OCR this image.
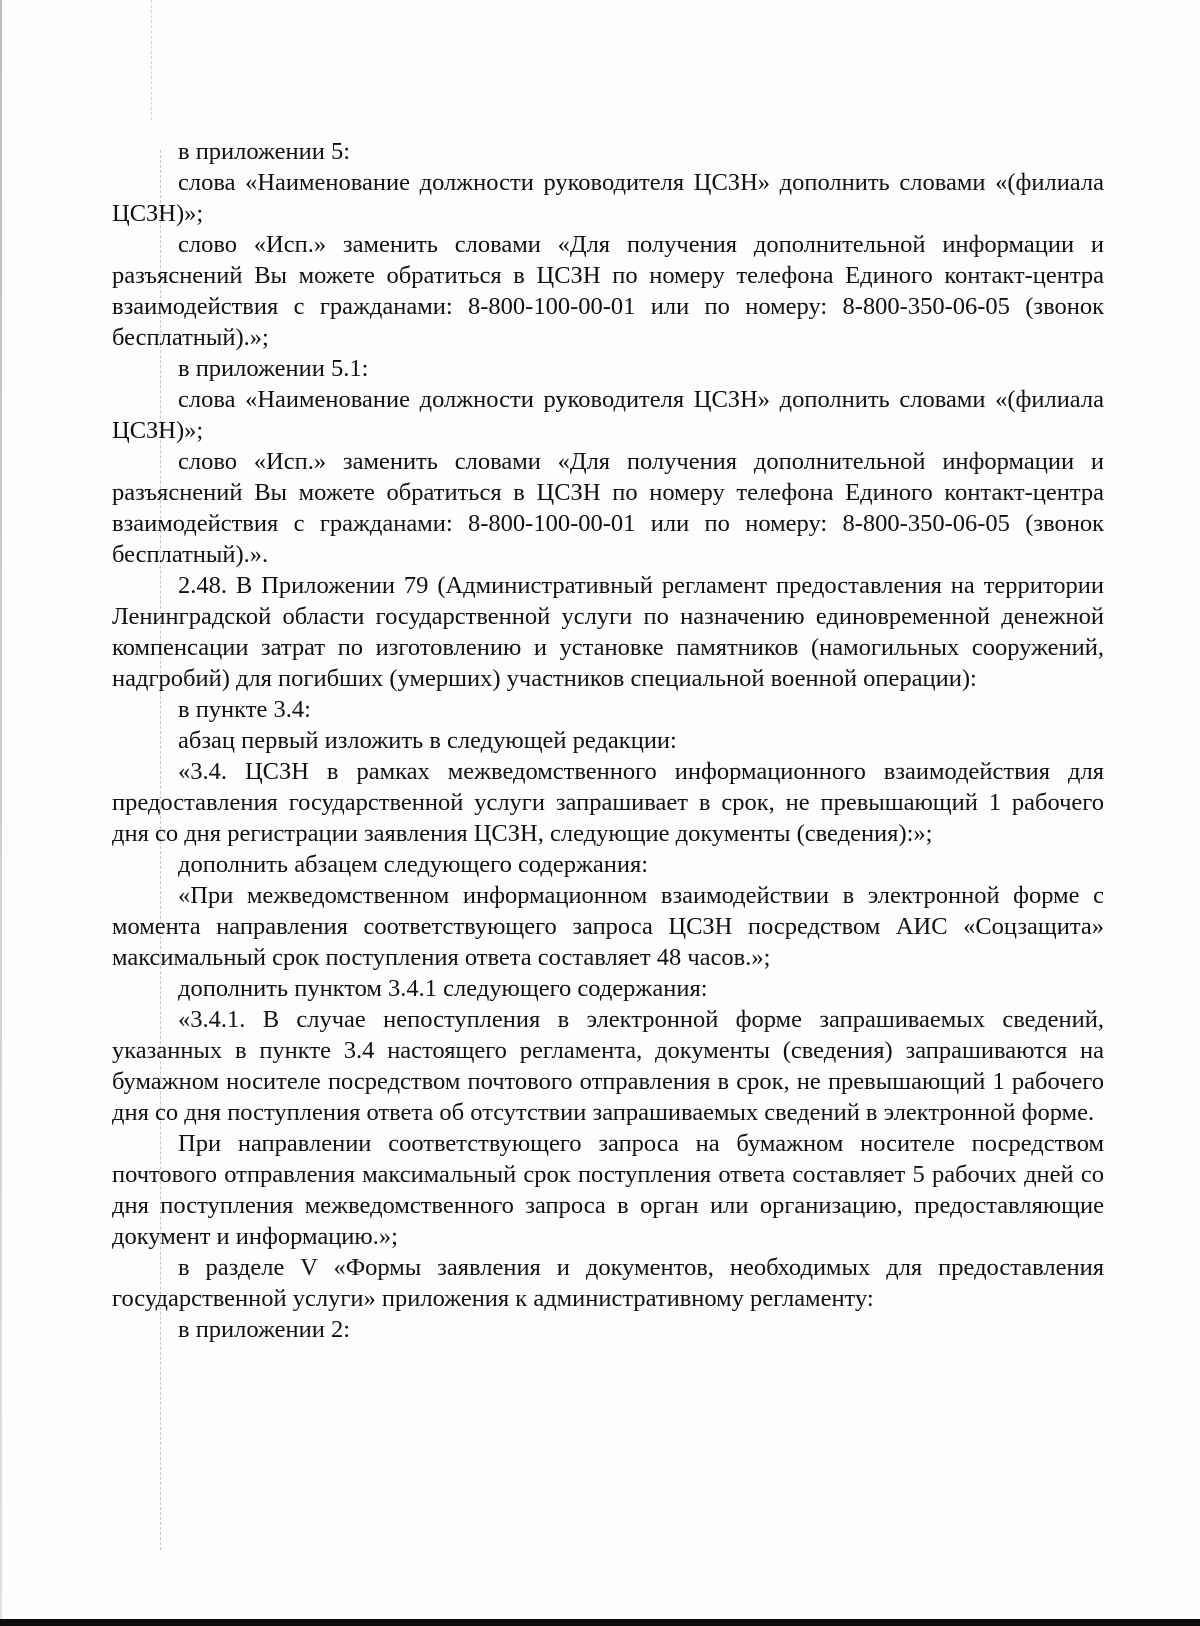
в приложении 5:

слова «Наименование должности руководителя ЦСЗН» дополнить словами «(филиала ЦСЗН)»;

слово «Исп.» заменить словами «Для получения дополнительной информации и разъяснений Вы можете обратиться в ЦСЗН по номеру телефона Единого контакт-центра взаимодействия с гражданами: 8-800-100-00-01 или по номеру: 8-800-350-06-05 (звонок бесплатный).»;

в приложении 5.1:

слова «Наименование должности руководителя ЦСЗН» дополнить словами «(филиала ЦСЗН)»;

слово «Исп.» заменить словами «Для получения дополнительной информации и разъяснений Вы можете обратиться в ЦСЗН по номеру телефона Единого контакт-центра взаимодействия с гражданами: 8-800-100-00-01 или по номеру: 8-800-350-06-05 (звонок бесплатный).».

2.48. В Приложении 79 (Административный регламент предоставления на территории Ленинградской области государственной услуги по назначению единовременной денежной компенсации затрат по изготовлению и установке памятников (намогильных сооружений, надгробий) для погибших (умерших) участников специальной военной операции):

в пункте 3.4:

абзац первый изложить в следующей редакции:

«3.4. ЦСЗН в рамках межведомственного информационного взаимодействия для предоставления государственной услуги запрашивает в срок, не превышающий 1 рабочего дня со дня регистрации заявления ЦСЗН, следующие документы (сведения):»;

дополнить абзацем следующего содержания:

«При межведомственном информационном взаимодействии в электронной форме с момента направления соответствующего запроса ЦСЗН посредством АИС «Соцзащита» максимальный срок поступления ответа составляет 48 часов.»;

дополнить пунктом 3.4.1 следующего содержания:

«3.4.1. В случае непоступления в электронной форме запрашиваемых сведений, указанных в пункте 3.4 настоящего регламента, документы (сведения) запрашиваются на бумажном носителе посредством почтового отправления в срок, не превышающий 1 рабочего дня со дня поступления ответа об отсутствии запрашиваемых сведений в электронной форме.

При направлении соответствующего запроса на бумажном носителе посредством почтового отправления максимальный срок поступления ответа составляет 5 рабочих дней со дня поступления межведомственного запроса в орган или организацию, предоставляющие документ и информацию.»;

в разделе V «Формы заявления и документов, необходимых для предоставления государственной услуги» приложения к административному регламенту:

в приложении 2:
